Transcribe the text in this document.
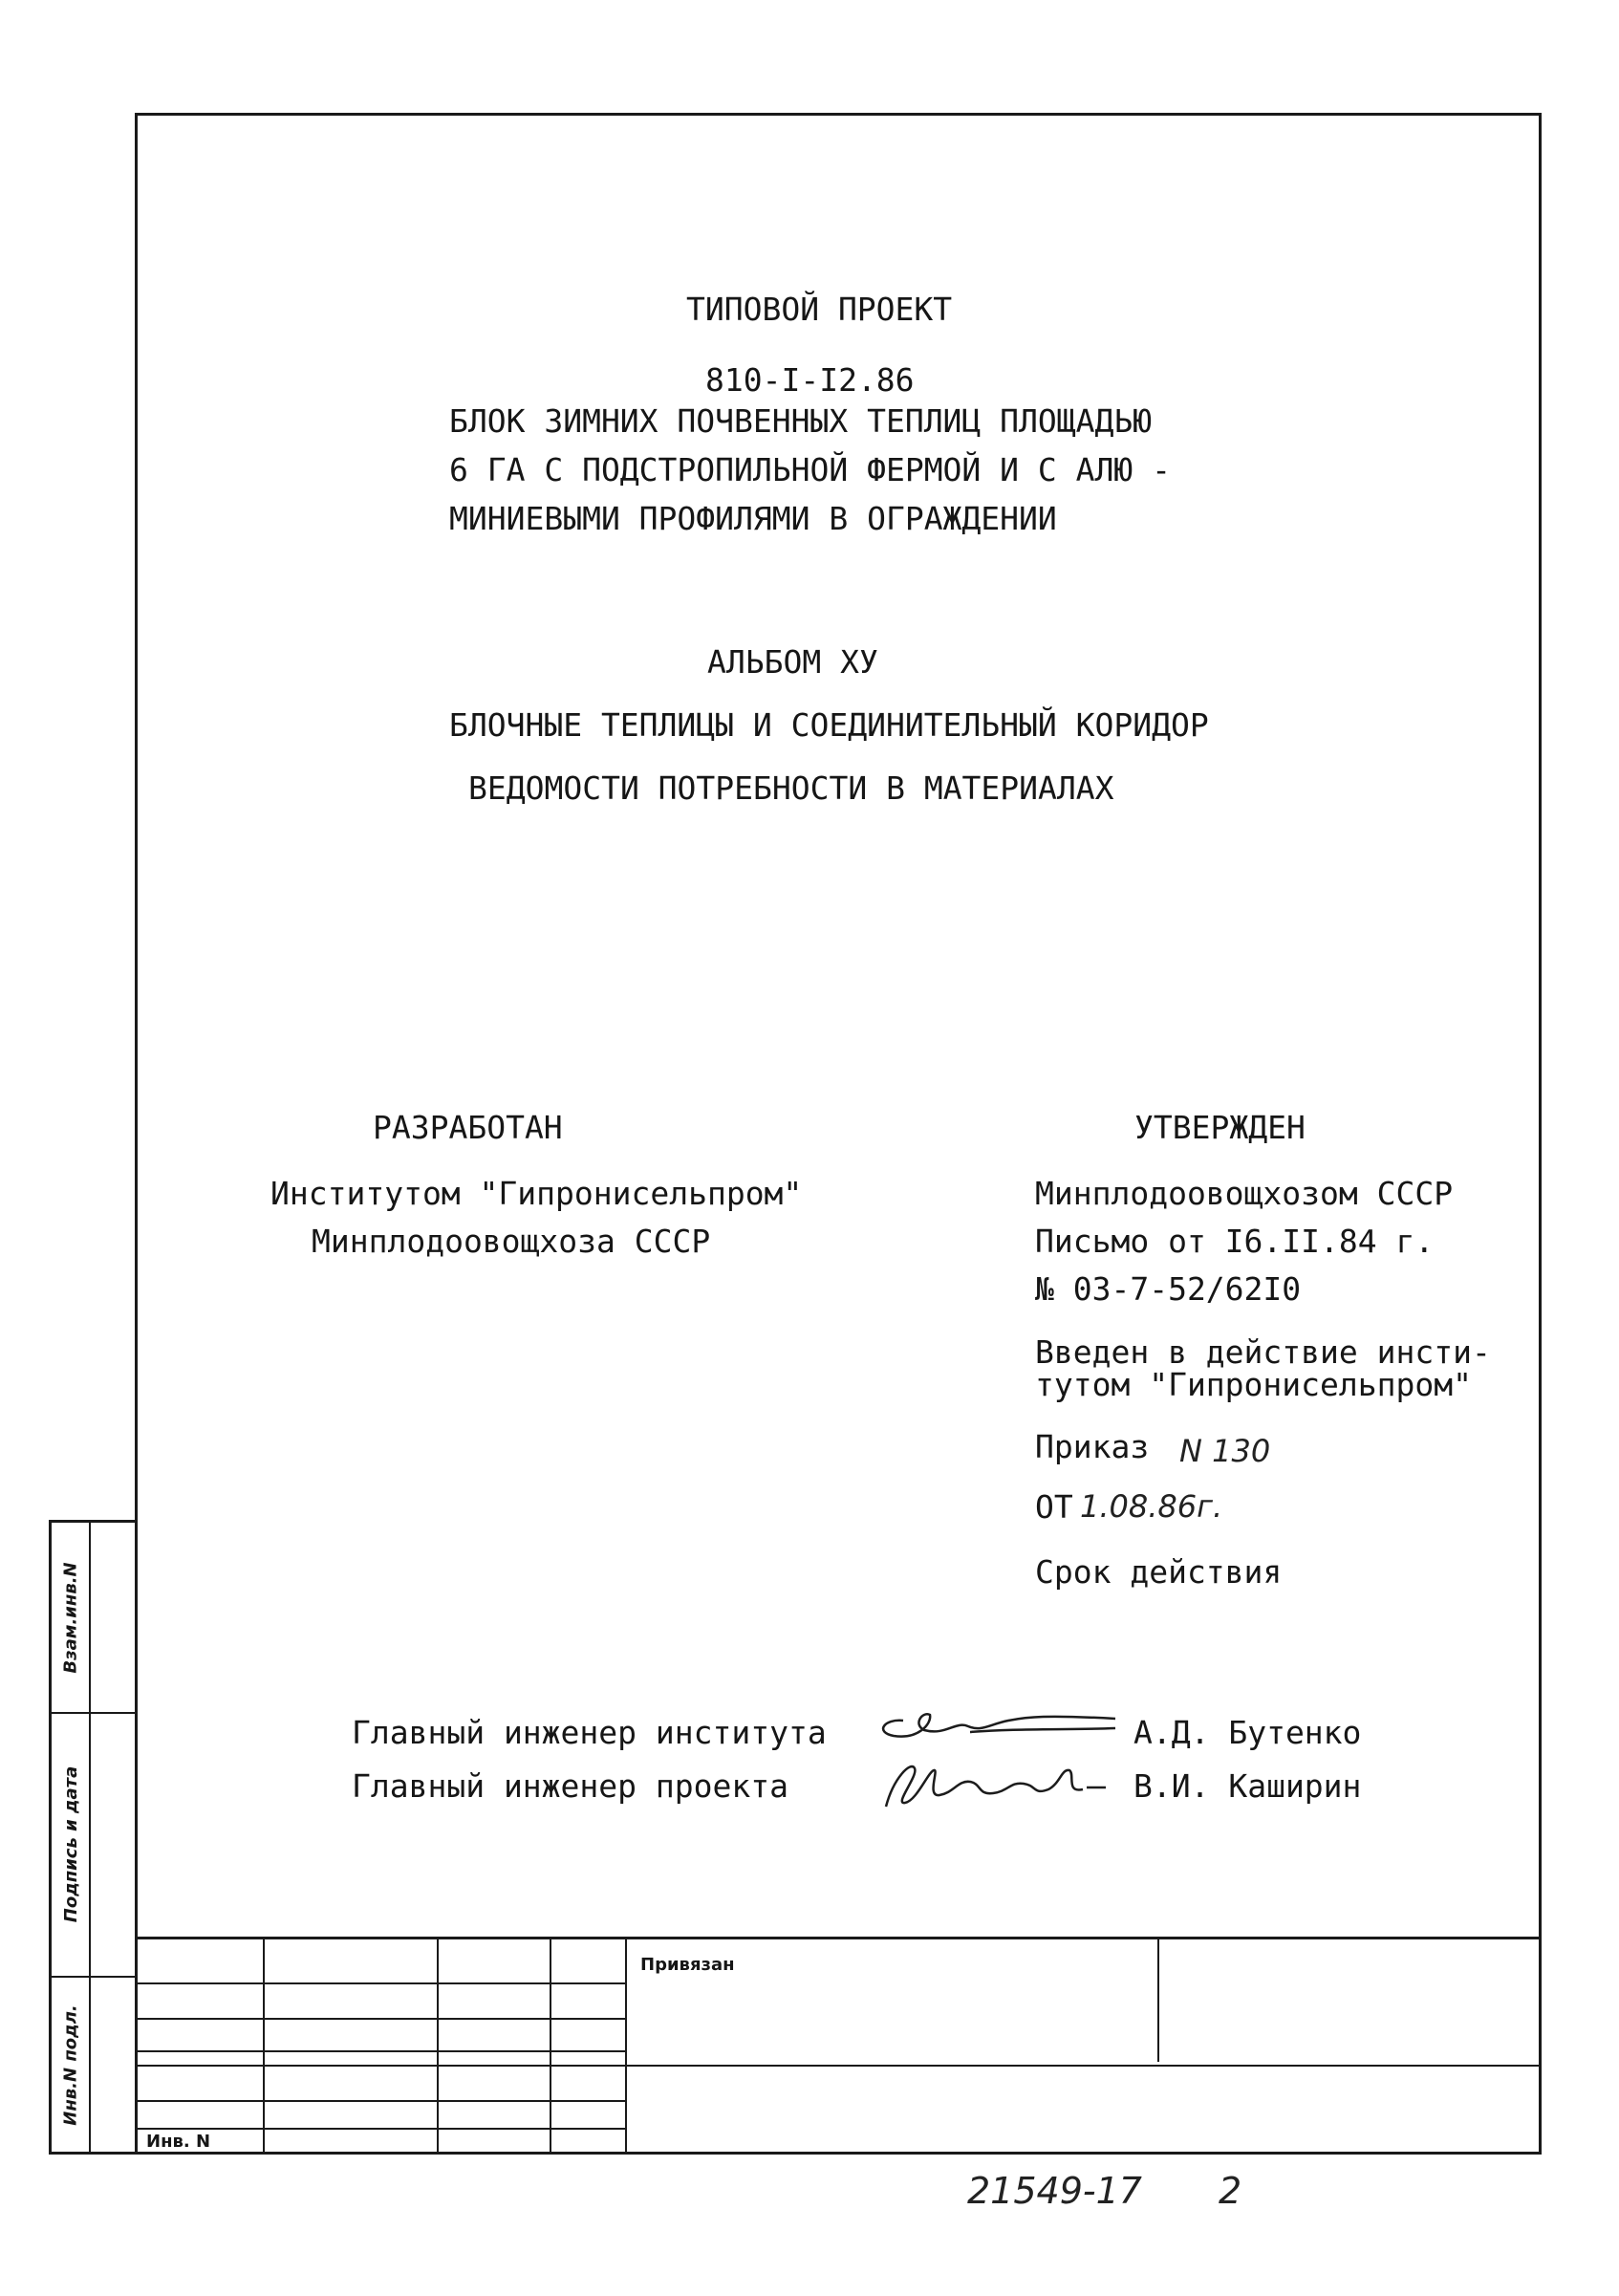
Взам.инв.N
Подпись и дата
Инв.N подл.
ТИПОВОЙ ПРОЕКТ
810-I-I2.86
БЛОК ЗИМНИХ ПОЧВЕННЫХ ТЕПЛИЦ ПЛОЩАДЬЮ
6 ГА С ПОДСТРОПИЛЬНОЙ ФЕРМОЙ И С АЛЮ -
МИНИЕВЫМИ ПРОФИЛЯМИ В ОГРАЖДЕНИИ
АЛЬБОМ ХУ
БЛОЧНЫЕ ТЕПЛИЦЫ И СОЕДИНИТЕЛЬНЫЙ КОРИДОР
ВЕДОМОСТИ ПОТРЕБНОСТИ В МАТЕРИАЛАХ
РАЗРАБОТАН
Институтом "Гипронисельпром"
Минплодоовощхоза СССР
УТВЕРЖДЕН
Минплодоовощхозом СССР
Письмо от I6.II.84 г.
№ 03-7-52/62I0
Введен в действие инсти-
тутом "Гипронисельпром"
Приказ N 130
ОТ 1.08.86г.
Срок действия
Главный инженер института	А.Д. Бутенко
Главный инженер проекта	В.И. Каширин
Привязан
Инв. N
21549-17 2
